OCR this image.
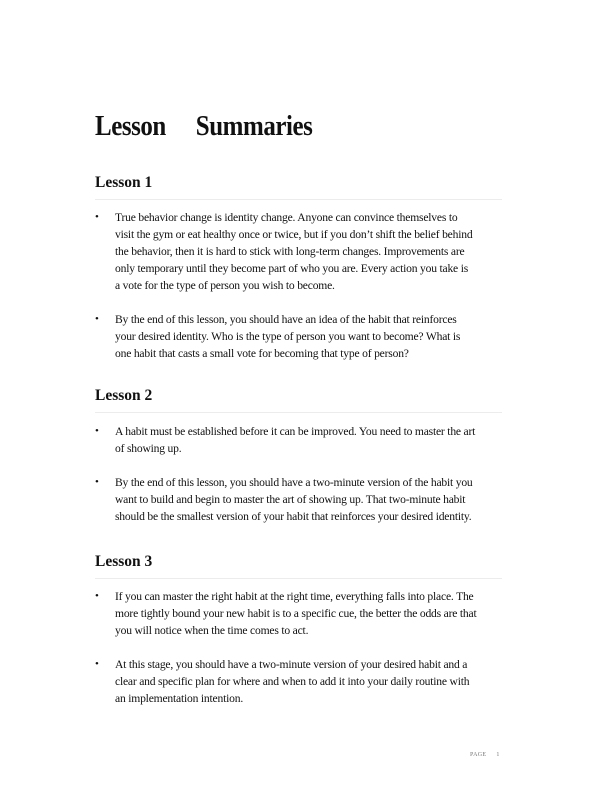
Lesson Summaries
Lesson 1
• True behavior change is identity change. Anyone can convince themselves to
visit the gym or eat healthy once or twice, but if you don’t shift the belief behind
the behavior, then it is hard to stick with long-term changes. Improvements are
only temporary until they become part of who you are. Every action you take is
a vote for the type of person you wish to become.
• By the end of this lesson, you should have an idea of the habit that reinforces
your desired identity. Who is the type of person you want to become? What is
one habit that casts a small vote for becoming that type of person?
Lesson 2
• A habit must be established before it can be improved. You need to master the art
of showing up.
• By the end of this lesson, you should have a two-minute version of the habit you
want to build and begin to master the art of showing up. That two-minute habit
should be the smallest version of your habit that reinforces your desired identity.
Lesson 3
• If you can master the right habit at the right time, everything falls into place. The
more tightly bound your new habit is to a specific cue, the better the odds are that
you will notice when the time comes to act.
• At this stage, you should have a two-minute version of your desired habit and a
clear and specific plan for where and when to add it into your daily routine with
an implementation intention.
PAGE 1
